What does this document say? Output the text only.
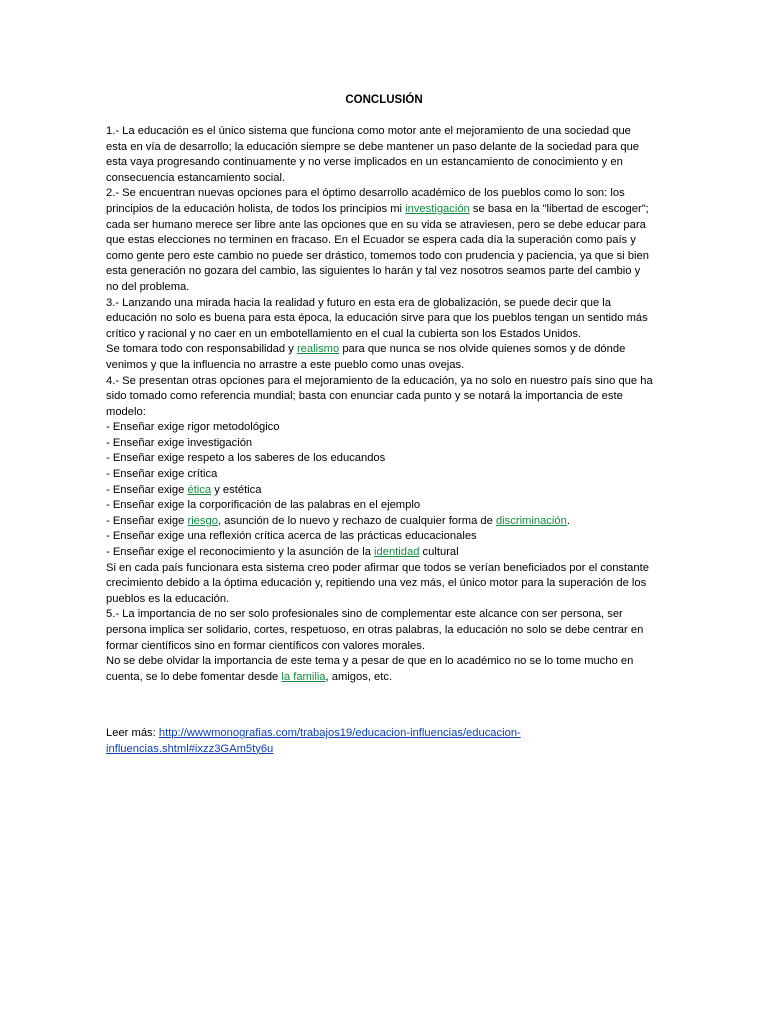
CONCLUSIÓN
1.- La educación es el único sistema que funciona como motor ante el mejoramiento de una sociedad que
esta en vía de desarrollo; la educación siempre se debe mantener un paso delante de la sociedad para que
esta vaya progresando continuamente y no verse implicados en un estancamiento de conocimiento y en
consecuencia estancamiento social.
2.- Se encuentran nuevas opciones para el óptimo desarrollo académico de los pueblos como lo son: los
principios de la educación holista, de todos los principios mi investigación se basa en la "libertad de escoger";
cada ser humano merece ser libre ante las opciones que en su vida se atraviesen, pero se debe educar para
que estas elecciones no terminen en fracaso. En el Ecuador se espera cada día la superación como país y
como gente pero este cambio no puede ser drástico, tomemos todo con prudencia y paciencia, ya que si bien
esta generación no gozara del cambio, las siguientes lo harán y tal vez nosotros seamos parte del cambio y
no del problema.
3.- Lanzando una mirada hacia la realidad y futuro en esta era de globalización, se puede decir que la
educación no solo es buena para esta época, la educación sirve para que los pueblos tengan un sentido más
crítico y racional y no caer en un embotellamiento en el cual la cubierta son los Estados Unidos.
Se tomara todo con responsabilidad y realismo para que nunca se nos olvide quienes somos y de dónde
venimos y que la influencia no arrastre a este pueblo como unas ovejas.
4.- Se presentan otras opciones para el mejoramiento de la educación, ya no solo en nuestro país sino que ha
sido tomado como referencia mundial; basta con enunciar cada punto y se notará la importancia de este
modelo:
- Enseñar exige rigor metodológico
- Enseñar exige investigación
- Enseñar exige respeto a los saberes de los educandos
- Enseñar exige crítica
- Enseñar exige ética y estética
- Enseñar exige la corporificación de las palabras en el ejemplo
- Enseñar exige riesgo, asunción de lo nuevo y rechazo de cualquier forma de discriminación.
- Enseñar exige una reflexión crítica acerca de las prácticas educacionales
- Enseñar exige el reconocimiento y la asunción de la identidad cultural
Si en cada país funcionara esta sistema creo poder afirmar que todos se verían beneficiados por el constante
crecimiento debido a la óptima educación y, repitiendo una vez más, el único motor para la superación de los
pueblos es la educación.
5.- La importancia de no ser solo profesionales sino de complementar este alcance con ser persona, ser
persona implica ser solidario, cortes, respetuoso, en otras palabras, la educación no solo se debe centrar en
formar científicos sino en formar científicos con valores morales.
No se debe olvidar la importancia de este tema y a pesar de que en lo académico no se lo tome mucho en
cuenta, se lo debe fomentar desde la familia, amigos, etc.
Leer más: http://wwwmonografias.com/trabajos19/educacion-influencias/educacion-
influencias.shtml#ixzz3GAm5ty6u
